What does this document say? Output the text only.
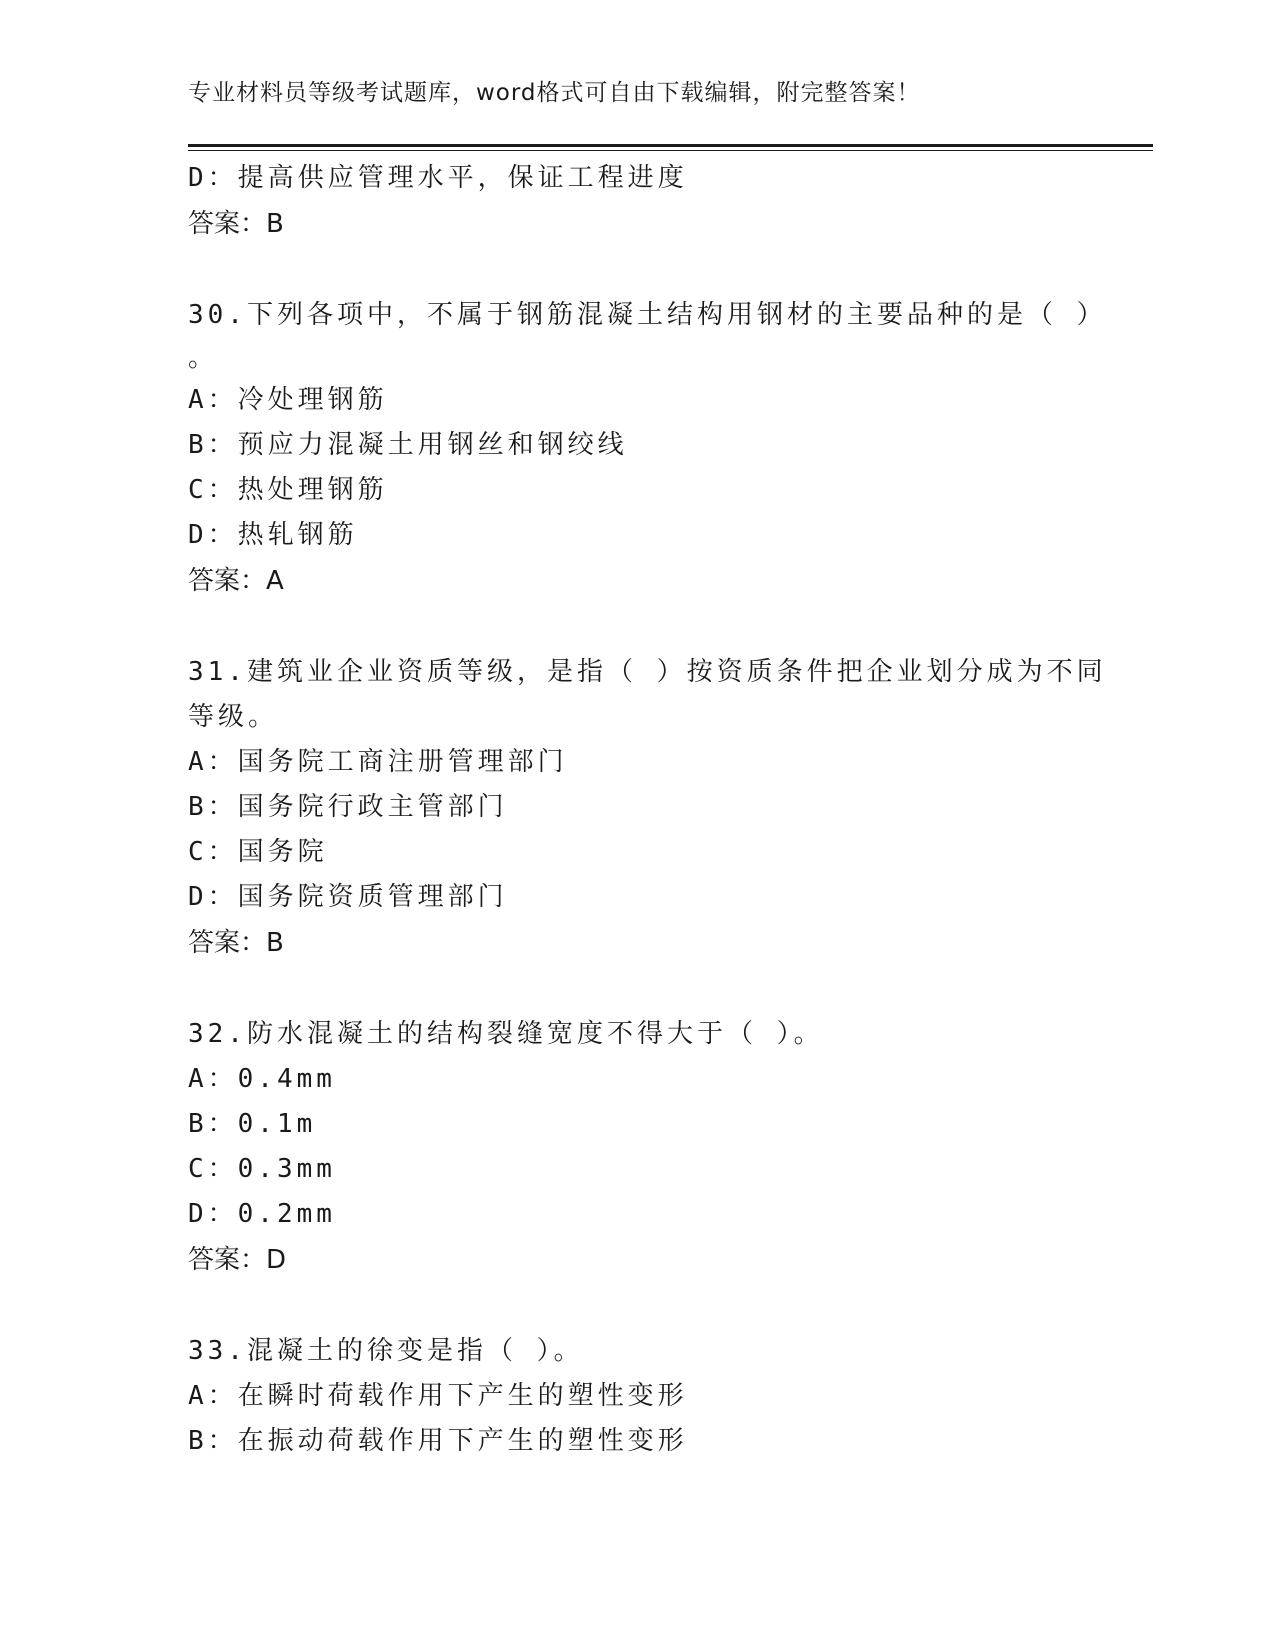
专业材料员等级考试题库，word格式可自由下载编辑，附完整答案！
D：提高供应管理水平，保证工程进度
答案：B
30.下列各项中，不属于钢筋混凝土结构用钢材的主要品种的是（ ）
。
A：冷处理钢筋
B：预应力混凝土用钢丝和钢绞线
C：热处理钢筋
D：热轧钢筋
答案：A
31.建筑业企业资质等级，是指（ ）按资质条件把企业划分成为不同
等级。
A：国务院工商注册管理部门
B：国务院行政主管部门
C：国务院
D：国务院资质管理部门
答案：B
32.防水混凝土的结构裂缝宽度不得大于（ ）。
A：0.4mm
B：0.1m
C：0.3mm
D：0.2mm
答案：D
33.混凝土的徐变是指（ ）。
A：在瞬时荷载作用下产生的塑性变形
B：在振动荷载作用下产生的塑性变形
